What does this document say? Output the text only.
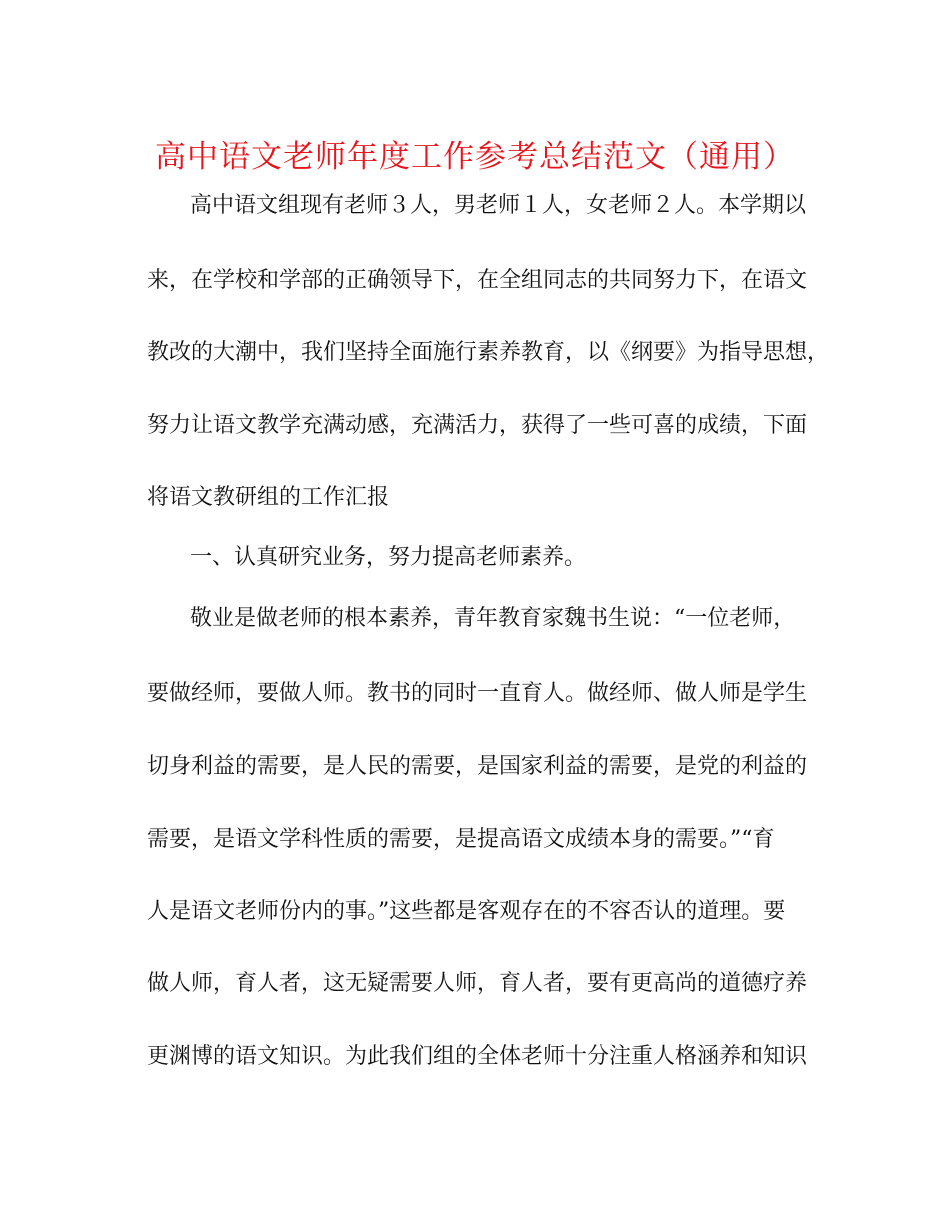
高中语文老师年度工作参考总结范文（通用）
高中语文组现有老师３人，男老师１人，女老师２人。本学期以
来，在学校和学部的正确领导下，在全组同志的共同努力下，在语文
教改的大潮中，我们坚持全面施行素养教育，以《纲要》为指导思想，
努力让语文教学充满动感，充满活力，获得了一些可喜的成绩，下面
将语文教研组的工作汇报
一、认真研究业务，努力提高老师素养。
敬业是做老师的根本素养，青年教育家魏书生说：“一位老师，
要做经师，要做人师。教书的同时一直育人。做经师、做人师是学生
切身利益的需要，是人民的需要，是国家利益的需要，是党的利益的
需要，是语文学科性质的需要，是提高语文成绩本身的需要。”“育
人是语文老师份内的事。”这些都是客观存在的不容否认的道理。要
做人师，育人者，这无疑需要人师，育人者，要有更高尚的道德疗养
更渊博的语文知识。为此我们组的全体老师十分注重人格涵养和知识
